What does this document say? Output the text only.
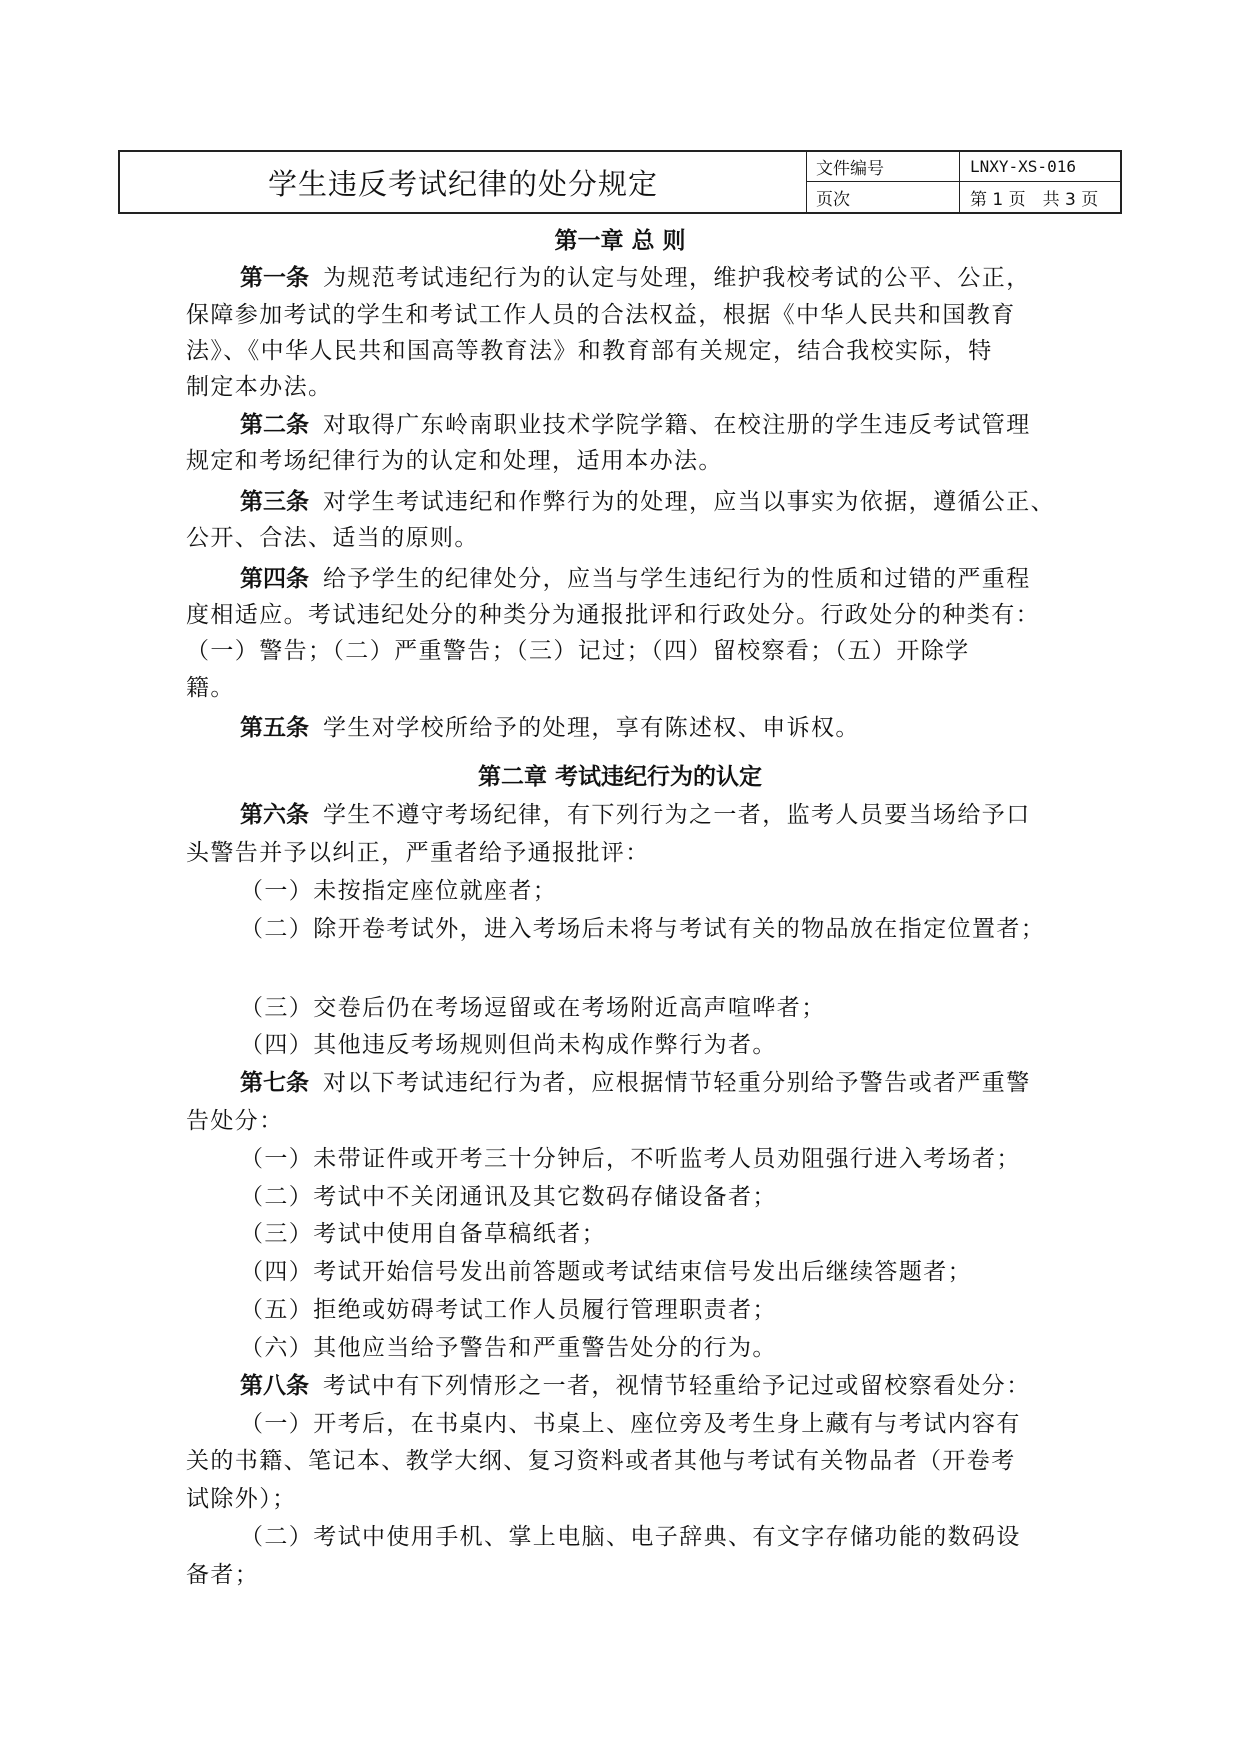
学生违反考试纪律的处分规定	文件编号	LNXY-XS-016
页次	第 1 页　共 3 页
第一章 总 则
第一条 为规范考试违纪行为的认定与处理，维护我校考试的公平、公正，
保障参加考试的学生和考试工作人员的合法权益，根据《中华人民共和国教育
法》、《中华人民共和国高等教育法》和教育部有关规定，结合我校实际，特
制定本办法。
第二条 对取得广东岭南职业技术学院学籍、在校注册的学生违反考试管理
规定和考场纪律行为的认定和处理，适用本办法。
第三条 对学生考试违纪和作弊行为的处理，应当以事实为依据，遵循公正、
公开、合法、适当的原则。
第四条 给予学生的纪律处分，应当与学生违纪行为的性质和过错的严重程
度相适应。考试违纪处分的种类分为通报批评和行政处分。行政处分的种类有：
（一）警告；（二）严重警告；（三）记过；（四）留校察看；（五）开除学
籍。
第五条 学生对学校所给予的处理，享有陈述权、申诉权。
第二章 考试违纪行为的认定
第六条 学生不遵守考场纪律，有下列行为之一者，监考人员要当场给予口
头警告并予以纠正，严重者给予通报批评：
（一）未按指定座位就座者；
（二）除开卷考试外，进入考场后未将与考试有关的物品放在指定位置者；
（三）交卷后仍在考场逗留或在考场附近高声喧哗者；
（四）其他违反考场规则但尚未构成作弊行为者。
第七条 对以下考试违纪行为者，应根据情节轻重分别给予警告或者严重警
告处分：
（一）未带证件或开考三十分钟后，不听监考人员劝阻强行进入考场者；
（二）考试中不关闭通讯及其它数码存储设备者；
（三）考试中使用自备草稿纸者；
（四）考试开始信号发出前答题或考试结束信号发出后继续答题者；
（五）拒绝或妨碍考试工作人员履行管理职责者；
（六）其他应当给予警告和严重警告处分的行为。
第八条 考试中有下列情形之一者，视情节轻重给予记过或留校察看处分：
（一）开考后，在书桌内、书桌上、座位旁及考生身上藏有与考试内容有
关的书籍、笔记本、教学大纲、复习资料或者其他与考试有关物品者（开卷考
试除外）；
（二）考试中使用手机、掌上电脑、电子辞典、有文字存储功能的数码设
备者；
